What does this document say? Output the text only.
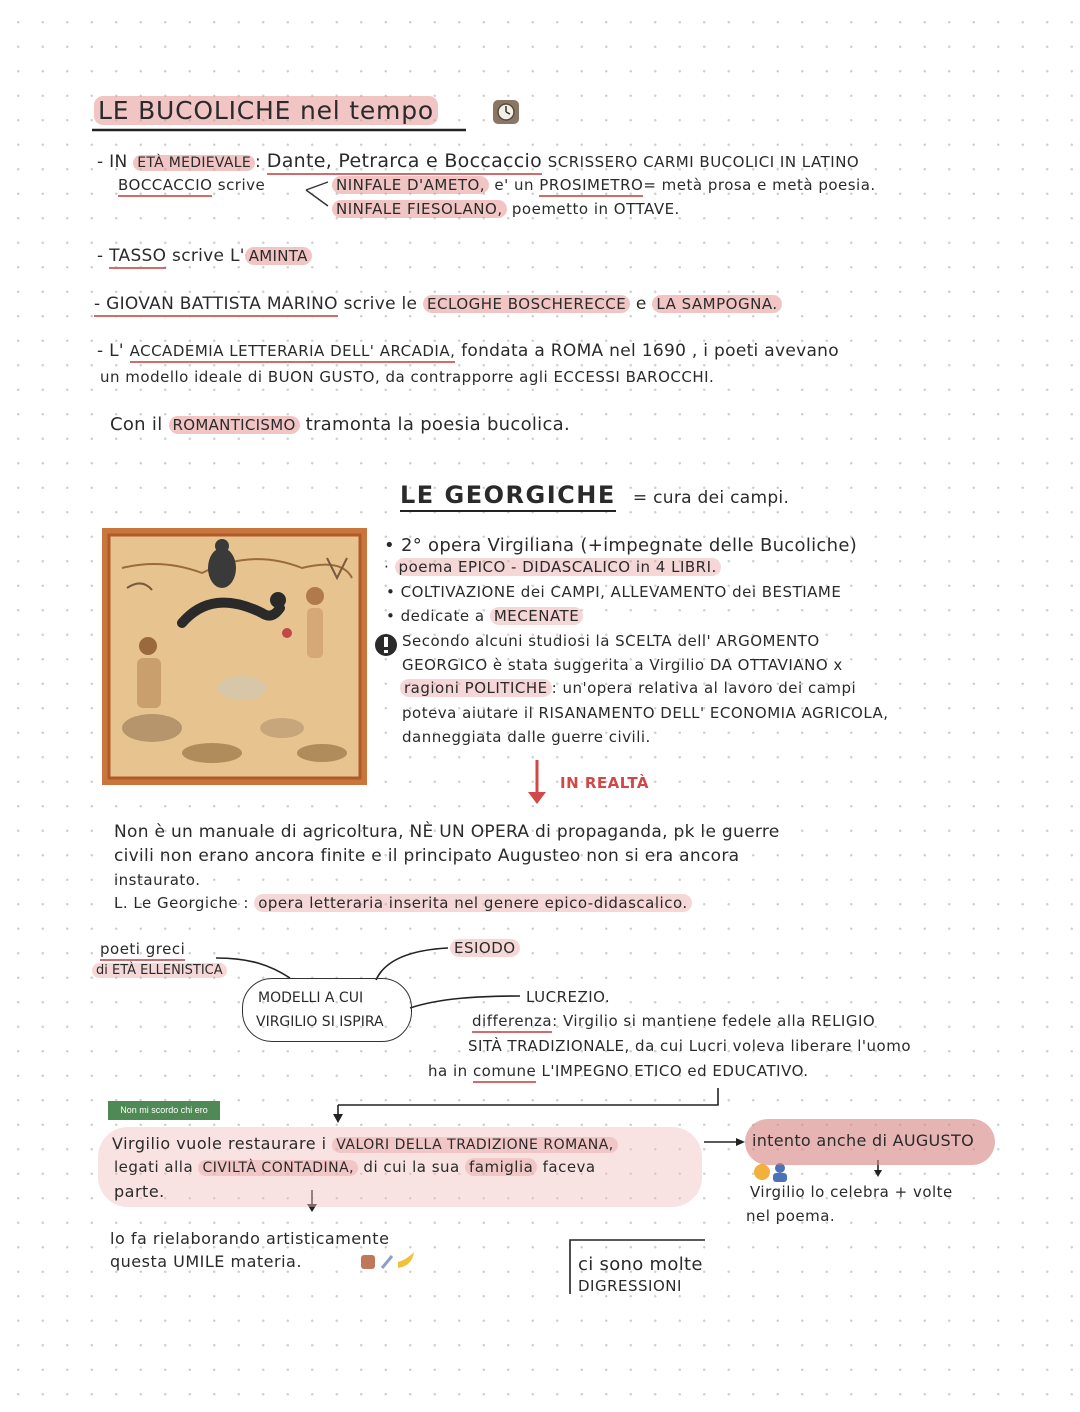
LE BUCOLICHE nel tempo
- IN ETÀ MEDIEVALE : Dante, Petrarca e Boccaccio SCRISSERO CARMI BUCOLICI IN LATINO
BOCCACCIO scrive	NINFALE D'AMETO, e' un PROSIMETRO= metà prosa e metà poesia.
NINFALE FIESOLANO, poemetto in OTTAVE.
- TASSO scrive L' AMINTA
- GIOVAN BATTISTA MARINO scrive le ECLOGHE BOSCHERECCE e LA SAMPOGNA.
- L' ACCADEMIA LETTERARIA DELL' ARCADIA, fondata a ROMA nel 1690 , i poeti avevano
un modello ideale di BUON GUSTO, da contrapporre agli ECCESSI BAROCCHI.
Con il ROMANTICISMO tramonta la poesia bucolica.
LE GEORGICHE = cura dei campi.
• 2° opera Virgiliana (+impegnate delle Bucoliche)
· poema EPICO - DIDASCALICO in 4 LIBRI.
• COLTIVAZIONE dei CAMPI, ALLEVAMENTO dei BESTIAME
• dedicate a MECENATE
Secondo alcuni studiosi la SCELTA dell' ARGOMENTO
GEORGICO è stata suggerita a Virgilio DA OTTAVIANO x
ragioni POLITICHE : un'opera relativa al lavoro dei campi
poteva aiutare il RISANAMENTO DELL' ECONOMIA AGRICOLA,
danneggiata dalle guerre civili.
IN REALTÀ
Non è un manuale di agricoltura, NÈ UN OPERA di propaganda, pk le guerre
civili non erano ancora finite e il principato Augusteo non si era ancora
instaurato.
L. Le Georgiche : opera letteraria inserita nel genere epico-didascalico.
poeti greci
di ETÀ ELLENISTICA
ESIODO
MODELLI A CUI
VIRGILIO SI ISPIRA
LUCREZIO.
differenza: Virgilio si mantiene fedele alla RELIGIO
SITÀ TRADIZIONALE, da cui Lucri voleva liberare l'uomo
ha in comune L'IMPEGNO ETICO ed EDUCATIVO.
Non mi scordo chi ero
Virgilio vuole restaurare i VALORI DELLA TRADIZIONE ROMANA,
legati alla CIVILTÀ CONTADINA, di cui la sua famiglia faceva
parte.
intento anche di AUGUSTO
Virgilio lo celebra + volte
nel poema.
lo fa rielaborando artisticamente
questa UMILE materia.	ci sono molte
DIGRESSIONI
